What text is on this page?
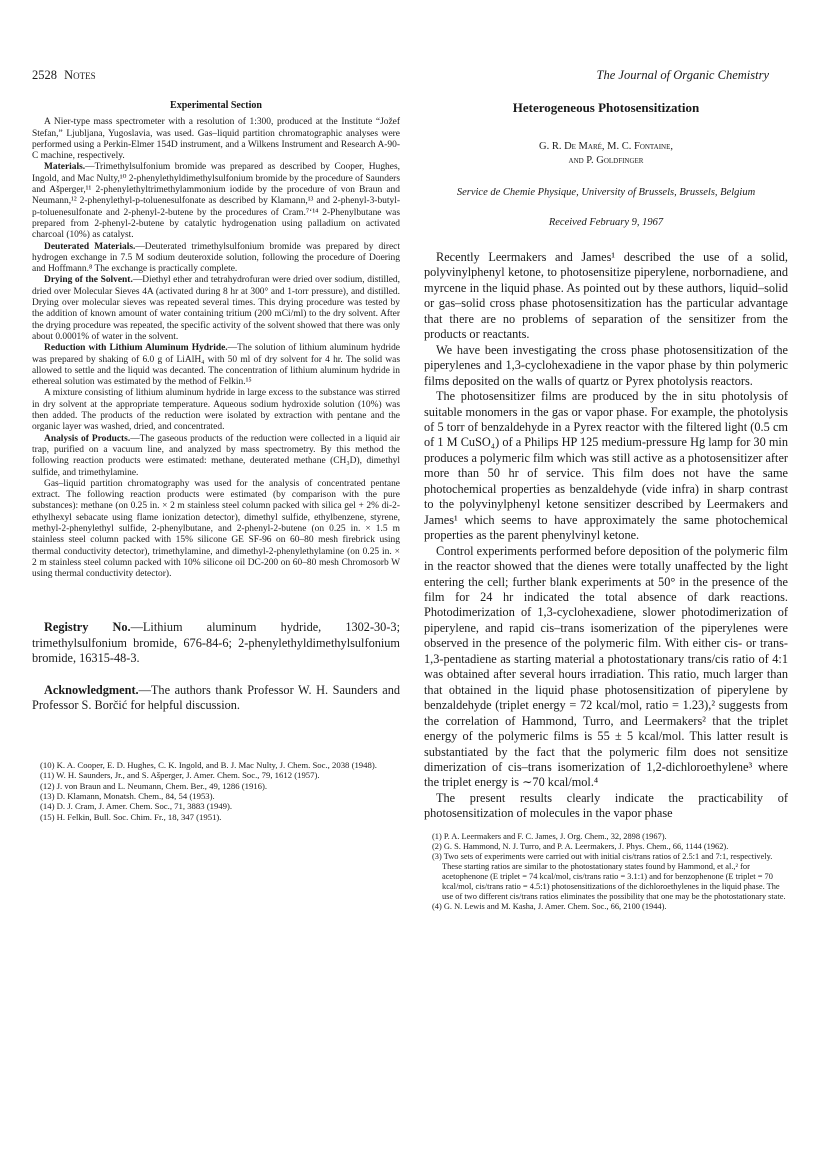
2528 Notes	The Journal of Organic Chemistry
Experimental Section

A Nier-type mass spectrometer with a resolution of 1:300, produced at the Institute “Jožef Stefan,” Ljubljana, Yugoslavia, was used. Gas–liquid partition chromatographic analyses were performed using a Perkin-Elmer 154D instrument, and a Wilkens Instrument and Research A-90-C machine, respectively.

Materials.—Trimethylsulfonium bromide was prepared as described by Cooper, Hughes, Ingold, and Mac Nulty,¹⁰ 2-phenylethyldimethylsulfonium bromide by the procedure of Saunders and Ašperger,¹¹ 2-phenylethyltrimethylammonium iodide by the procedure of von Braun and Neumann,¹² 2-phenylethyl-p-toluenesulfonate as described by Klamann,¹³ and 2-phenyl-3-butyl-p-toluenesulfonate and 2-phenyl-2-butene by the procedures of Cram.⁷ʻ¹⁴ 2-Phenylbutane was prepared from 2-phenyl-2-butene by catalytic hydrogenation using palladium on activated charcoal (10%) as catalyst.

Deuterated Materials.—Deuterated trimethylsulfonium bromide was prepared by direct hydrogen exchange in 7.5 M sodium deuteroxide solution, following the procedure of Doering and Hoffmann.⁸ The exchange is practically complete.

Drying of the Solvent.—Diethyl ether and tetrahydrofuran were dried over sodium, distilled, dried over Molecular Sieves 4A (activated during 8 hr at 300° and 1-torr pressure), and distilled. Drying over molecular sieves was repeated several times. This drying procedure was tested by the addition of known amount of water containing tritium (200 mCi/ml) to the dry solvent. After the drying procedure was repeated, the specific activity of the solvent showed that there was only about 0.0001% of water in the solvent.

Reduction with Lithium Aluminum Hydride.—The solution of lithium aluminum hydride was prepared by shaking of 6.0 g of LiAlH₄ with 50 ml of dry solvent for 4 hr. The solid was allowed to settle and the liquid was decanted. The concentration of lithium aluminum hydride in ethereal solution was estimated by the method of Felkin.¹⁵

A mixture consisting of lithium aluminum hydride in large excess to the substance was stirred in dry solvent at the appropriate temperature. Aqueous sodium hydroxide solution (10%) was then added. The products of the reduction were isolated by extraction with pentane and the organic layer was washed, dried, and concentrated.

Analysis of Products.—The gaseous products of the reduction were collected in a liquid air trap, purified on a vacuum line, and analyzed by mass spectrometry. By this method the following reaction products were estimated: methane, deuterated methane (CH₃D), dimethyl sulfide, and trimethylamine.

Gas–liquid partition chromatography was used for the analysis of concentrated pentane extract. The following reaction products were estimated (by comparison with the pure substances): methane (on 0.25 in. × 2 m stainless steel column packed with silica gel + 2% di-2-ethylhexyl sebacate using flame ionization detector), dimethyl sulfide, ethylbenzene, styrene, methyl-2-phenylethyl sulfide, 2-phenylbutane, and 2-phenyl-2-butene (on 0.25 in. × 1.5 m stainless steel column packed with 15% silicone GE SF-96 on 60–80 mesh firebrick using thermal conductivity detector), trimethylamine, and dimethyl-2-phenylethylamine (on 0.25 in. × 2 m stainless steel column packed with 10% silicone oil DC-200 on 60–80 mesh Chromosorb W using thermal conductivity detector).

Registry No.—Lithium aluminum hydride, 1302-30-3; trimethylsulfonium bromide, 676-84-6; 2-phenylethyldimethylsulfonium bromide, 16315-48-3.

Acknowledgment.—The authors thank Professor W. H. Saunders and Professor S. Borčić for helpful discussion.

(10) K. A. Cooper, E. D. Hughes, C. K. Ingold, and B. J. Mac Nulty, J. Chem. Soc., 2038 (1948).

(11) W. H. Saunders, Jr., and S. Ašperger, J. Amer. Chem. Soc., 79, 1612 (1957).

(12) J. von Braun and L. Neumann, Chem. Ber., 49, 1286 (1916).

(13) D. Klamann, Monatsh. Chem., 84, 54 (1953).

(14) D. J. Cram, J. Amer. Chem. Soc., 71, 3883 (1949).

(15) H. Felkin, Bull. Soc. Chim. Fr., 18, 347 (1951).

Heterogeneous Photosensitization
G. R. De Maré, M. C. Fontaine,
and P. Goldfinger
Service de Chemie Physique, University of Brussels, Brussels, Belgium
Received February 9, 1967

Recently Leermakers and James¹ described the use of a solid, polyvinylphenyl ketone, to photosensitize piperylene, norbornadiene, and myrcene in the liquid phase. As pointed out by these authors, liquid–solid or gas–solid cross phase photosensitization has the particular advantage that there are no problems of separation of the sensitizer from the products or reactants.

We have been investigating the cross phase photosensitization of the piperylenes and 1,3-cyclohexadiene in the vapor phase by thin polymeric films deposited on the walls of quartz or Pyrex photolysis reactors.

The photosensitizer films are produced by the in situ photolysis of suitable monomers in the gas or vapor phase. For example, the photolysis of 5 torr of benzaldehyde in a Pyrex reactor with the filtered light (0.5 cm of 1 M CuSO₄) of a Philips HP 125 medium-pressure Hg lamp for 30 min produces a polymeric film which was still active as a photosensitizer after more than 50 hr of service. This film does not have the same photochemical properties as benzaldehyde (vide infra) in sharp contrast to the polyvinylphenyl ketone sensitizer described by Leermakers and James¹ which seems to have approximately the same photochemical properties as the parent phenylvinyl ketone.

Control experiments performed before deposition of the polymeric film in the reactor showed that the dienes were totally unaffected by the light entering the cell; further blank experiments at 50° in the presence of the film for 24 hr indicated the total absence of dark reactions. Photodimerization of 1,3-cyclohexadiene, slower photodimerization of piperylene, and rapid cis–trans isomerization of the piperylenes were observed in the presence of the polymeric film. With either cis- or trans-1,3-pentadiene as starting material a photostationary trans/cis ratio of 4:1 was obtained after several hours irradiation. This ratio, much larger than that obtained in the liquid phase photosensitization of piperylene by benzaldehyde (triplet energy = 72 kcal/mol, ratio = 1.23),² suggests from the correlation of Hammond, Turro, and Leermakers² that the triplet energy of the polymeric films is 55 ± 5 kcal/mol. This latter result is substantiated by the fact that the polymeric film does not sensitize dimerization of cis–trans isomerization of 1,2-dichloroethylene³ where the triplet energy is ∼70 kcal/mol.⁴

The present results clearly indicate the practicability of photosensitization of molecules in the vapor phase

(1) P. A. Leermakers and F. C. James, J. Org. Chem., 32, 2898 (1967).

(2) G. S. Hammond, N. J. Turro, and P. A. Leermakers, J. Phys. Chem., 66, 1144 (1962).

(3) Two sets of experiments were carried out with initial cis/trans ratios of 2.5:1 and 7:1, respectively. These starting ratios are similar to the photostationary states found by Hammond, et al.,² for acetophenone (E triplet = 74 kcal/mol, cis/trans ratio = 3.1:1) and for benzophenone (E triplet = 70 kcal/mol, cis/trans ratio = 4.5:1) photosensitizations of the dichloroethylenes in the liquid phase. The use of two different cis/trans ratios eliminates the possibility that one may be the photostationary state.

(4) G. N. Lewis and M. Kasha, J. Amer. Chem. Soc., 66, 2100 (1944).
